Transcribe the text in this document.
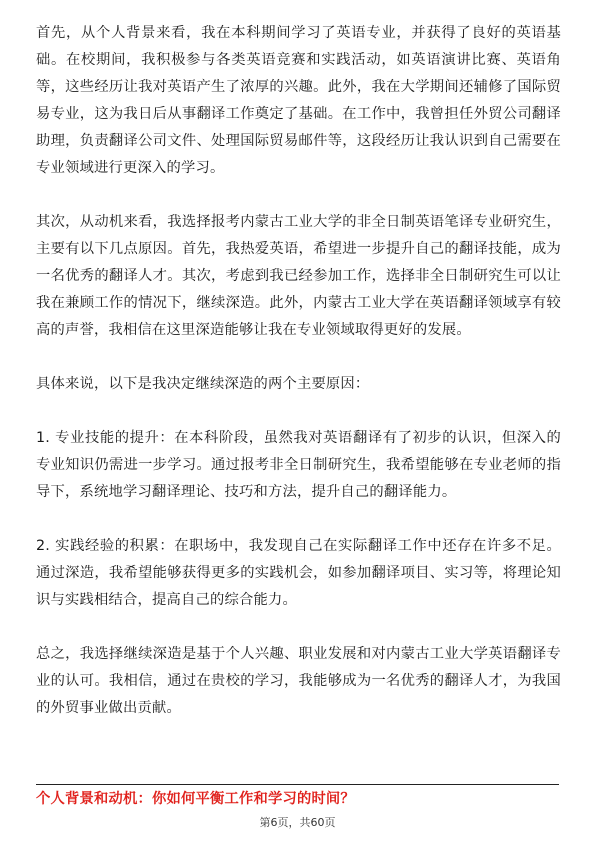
首先，从个人背景来看，我在本科期间学习了英语专业，并获得了良好的英语基础。在校期间，我积极参与各类英语竞赛和实践活动，如英语演讲比赛、英语角等，这些经历让我对英语产生了浓厚的兴趣。此外，我在大学期间还辅修了国际贸易专业，这为我日后从事翻译工作奠定了基础。在工作中，我曾担任外贸公司翻译助理，负责翻译公司文件、处理国际贸易邮件等，这段经历让我认识到自己需要在专业领域进行更深入的学习。

其次，从动机来看，我选择报考内蒙古工业大学的非全日制英语笔译专业研究生，主要有以下几点原因。首先，我热爱英语，希望进一步提升自己的翻译技能，成为一名优秀的翻译人才。其次，考虑到我已经参加工作，选择非全日制研究生可以让我在兼顾工作的情况下，继续深造。此外，内蒙古工业大学在英语翻译领域享有较高的声誉，我相信在这里深造能够让我在专业领域取得更好的发展。

具体来说，以下是我决定继续深造的两个主要原因：

1. 专业技能的提升：在本科阶段，虽然我对英语翻译有了初步的认识，但深入的专业知识仍需进一步学习。通过报考非全日制研究生，我希望能够在专业老师的指导下，系统地学习翻译理论、技巧和方法，提升自己的翻译能力。

2. 实践经验的积累：在职场中，我发现自己在实际翻译工作中还存在许多不足。通过深造，我希望能够获得更多的实践机会，如参加翻译项目、实习等，将理论知识与实践相结合，提高自己的综合能力。

总之，我选择继续深造是基于个人兴趣、职业发展和对内蒙古工业大学英语翻译专业的认可。我相信，通过在贵校的学习，我能够成为一名优秀的翻译人才，为我国的外贸事业做出贡献。

个人背景和动机：你如何平衡工作和学习的时间？
第6页，共60页
